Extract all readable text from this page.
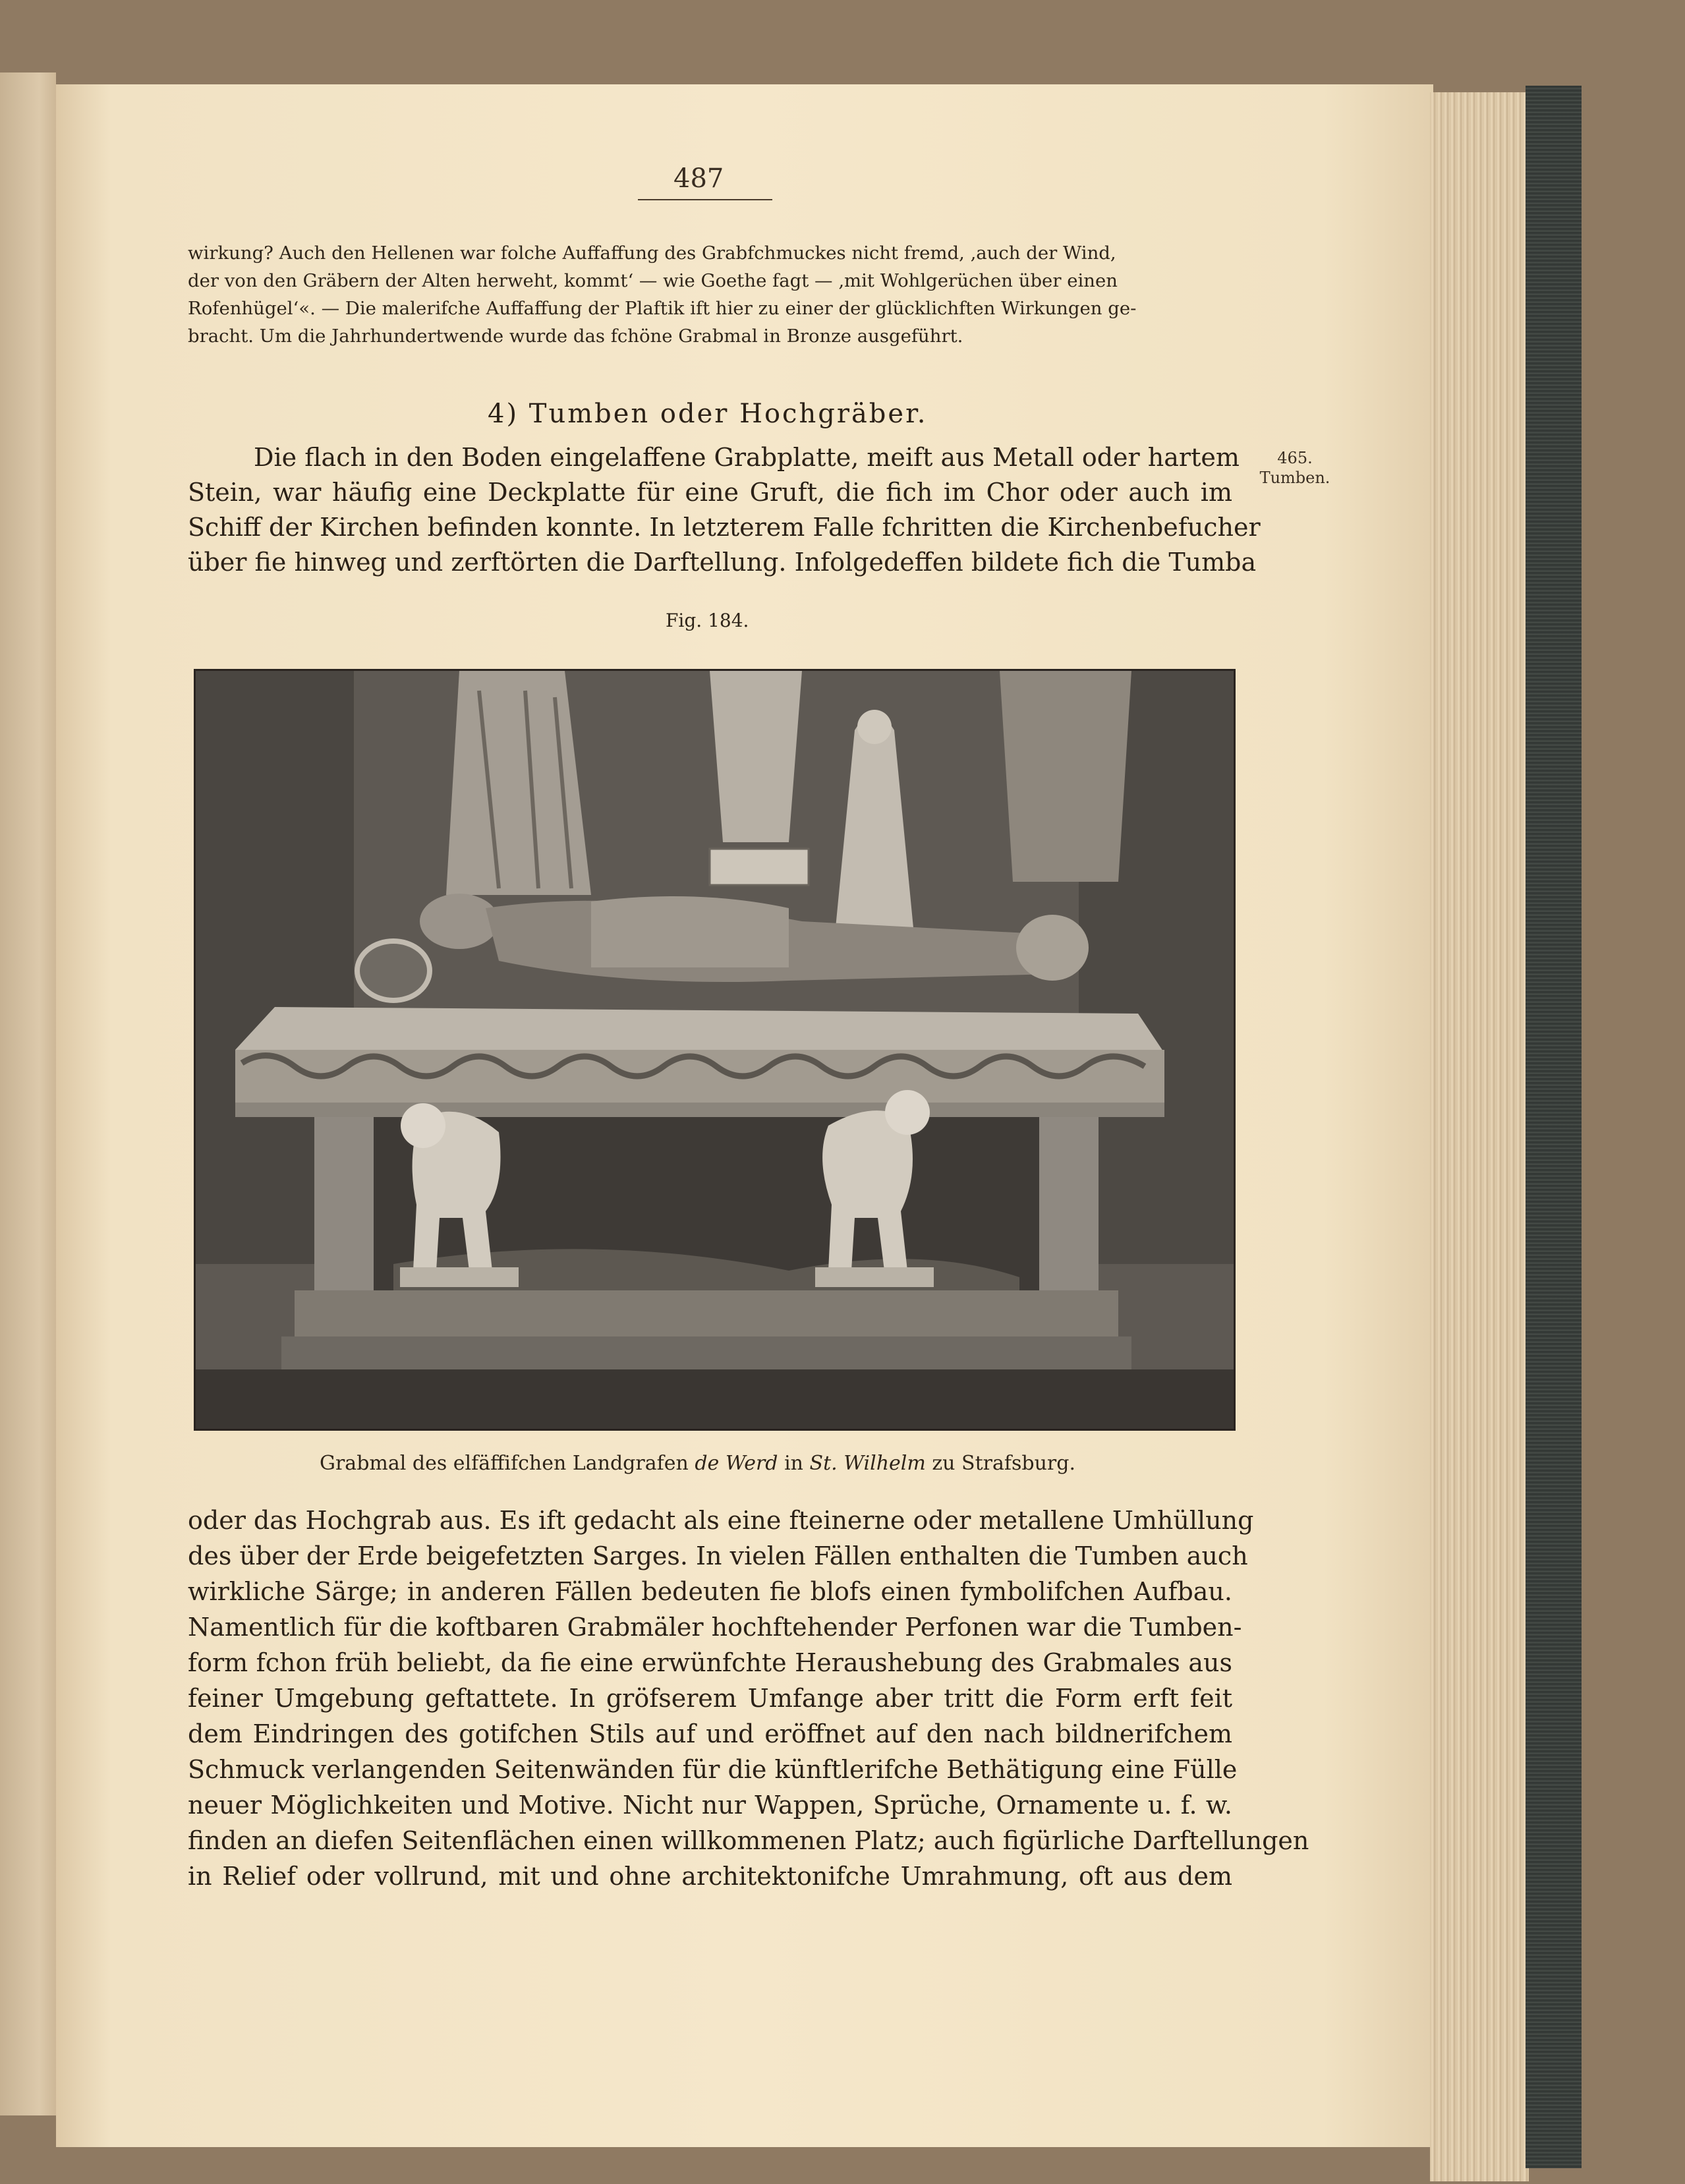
487
wirkung? Auch den Hellenen war folche Auffaffung des Grabfchmuckes nicht fremd, ‚auch der Wind,
der von den Gräbern der Alten herweht, kommt‘ — wie Goethe fagt — ‚mit Wohlgerüchen über einen
Rofenhügel‘«. — Die malerifche Auffaffung der Plaftik ift hier zu einer der glücklichften Wirkungen ge-
bracht. Um die Jahrhundertwende wurde das fchöne Grabmal in Bronze ausgeführt.
4) Tumben oder Hochgräber.
465.
Tumben.
Die flach in den Boden eingelaffene Grabplatte, meift aus Metall oder hartem
Stein, war häufig eine Deckplatte für eine Gruft, die fich im Chor oder auch im
Schiff der Kirchen befinden konnte. In letzterem Falle fchritten die Kirchenbefucher
über fie hinweg und zerftörten die Darftellung. Infolgedeffen bildete fich die Tumba
Fig. 184.
Grabmal des elfäffifchen Landgrafen de Werd in St. Wilhelm zu Strafsburg.
oder das Hochgrab aus. Es ift gedacht als eine fteinerne oder metallene Umhüllung
des über der Erde beigefetzten Sarges. In vielen Fällen enthalten die Tumben auch
wirkliche Särge; in anderen Fällen bedeuten fie blofs einen fymbolifchen Aufbau.
Namentlich für die koftbaren Grabmäler hochftehender Perfonen war die Tumben-
form fchon früh beliebt, da fie eine erwünfchte Heraushebung des Grabmales aus
feiner Umgebung geftattete. In gröfserem Umfange aber tritt die Form erft feit
dem Eindringen des gotifchen Stils auf und eröffnet auf den nach bildnerifchem
Schmuck verlangenden Seitenwänden für die künftlerifche Bethätigung eine Fülle
neuer Möglichkeiten und Motive. Nicht nur Wappen, Sprüche, Ornamente u. f. w.
finden an diefen Seitenflächen einen willkommenen Platz; auch figürliche Darftellungen
in Relief oder vollrund, mit und ohne architektonifche Umrahmung, oft aus dem
